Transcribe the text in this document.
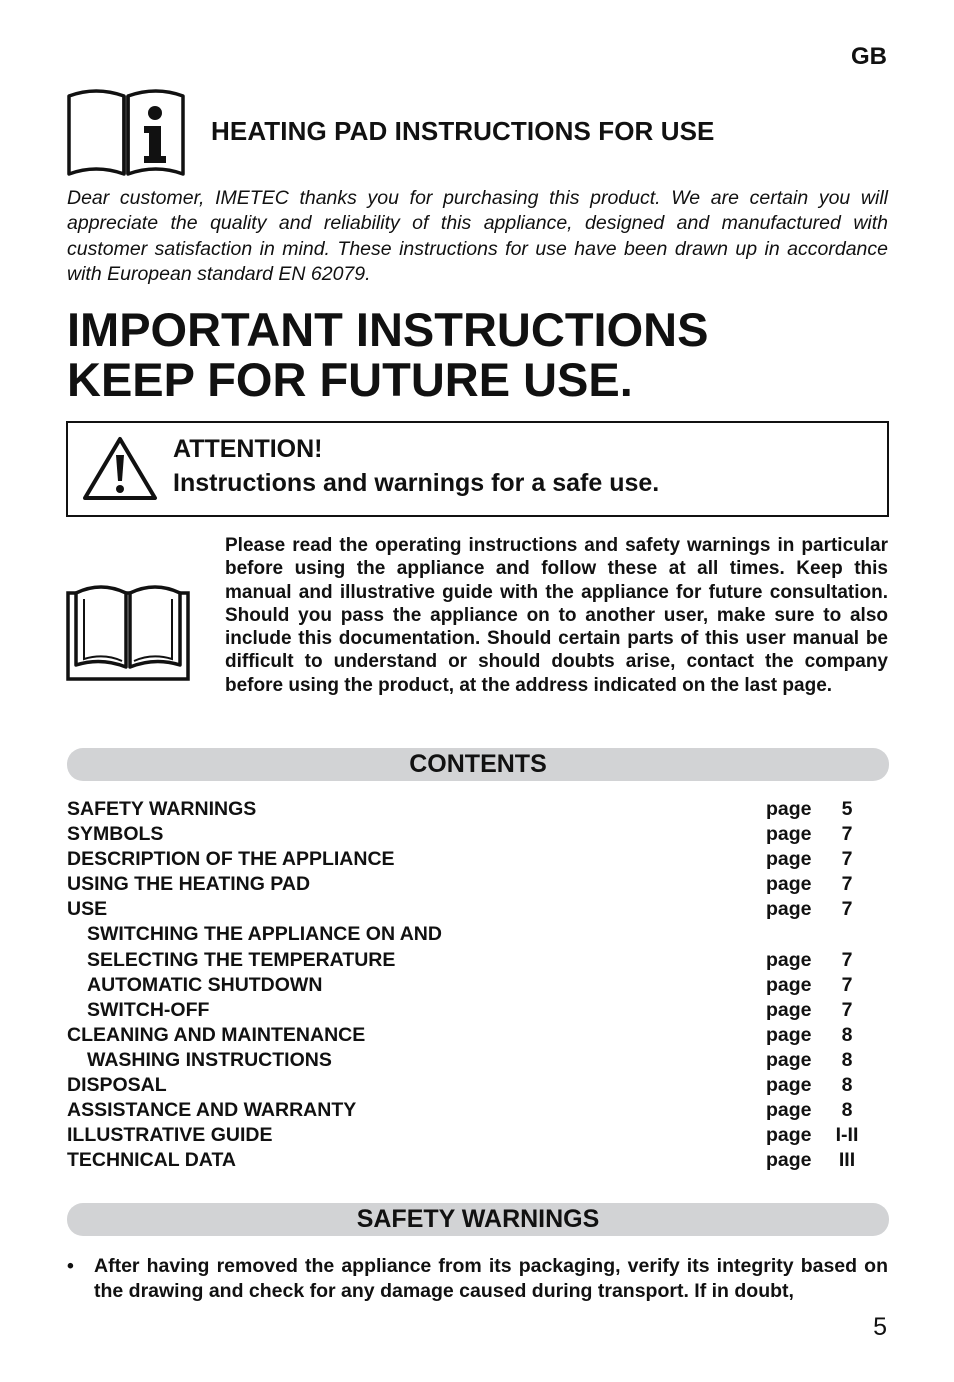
GB
HEATING PAD INSTRUCTIONS FOR USE

Dear customer, IMETEC thanks you for purchasing this product. We are certain you will appreciate the quality and reliability of this appliance, designed and manufactured with customer satisfaction in mind. These instructions for use have been drawn up in accordance with European standard EN 62079.

IMPORTANT INSTRUCTIONS
KEEP FOR FUTURE USE.
ATTENTION!
Instructions and warnings for a safe use.

Please read the operating instructions and safety warnings in particular before using the appliance and follow these at all times. Keep this manual and illustrative guide with the appliance for future consultation. Should you pass the appliance on to another user, make sure to also include this documentation. Should certain parts of this user manual be difficult to understand or should doubts arise, contact the company before using the product, at the address indicated on the last page.

CONTENTS
SAFETY WARNINGS	page	5
SYMBOLS	page	7
DESCRIPTION OF THE APPLIANCE	page	7
USING THE HEATING PAD	page	7
USE	page	7
SWITCHING THE APPLIANCE ON AND
SELECTING THE TEMPERATURE	page	7
AUTOMATIC SHUTDOWN	page	7
SWITCH-OFF	page	7
CLEANING AND MAINTENANCE	page	8
WASHING INSTRUCTIONS	page	8
DISPOSAL	page	8
ASSISTANCE AND WARRANTY	page	8
ILLUSTRATIVE GUIDE	page	I-II
TECHNICAL DATA	page	III
SAFETY WARNINGS
• After having removed the appliance from its packaging, verify its integrity based on the drawing and check for any damage caused during transport. If in doubt,

5
